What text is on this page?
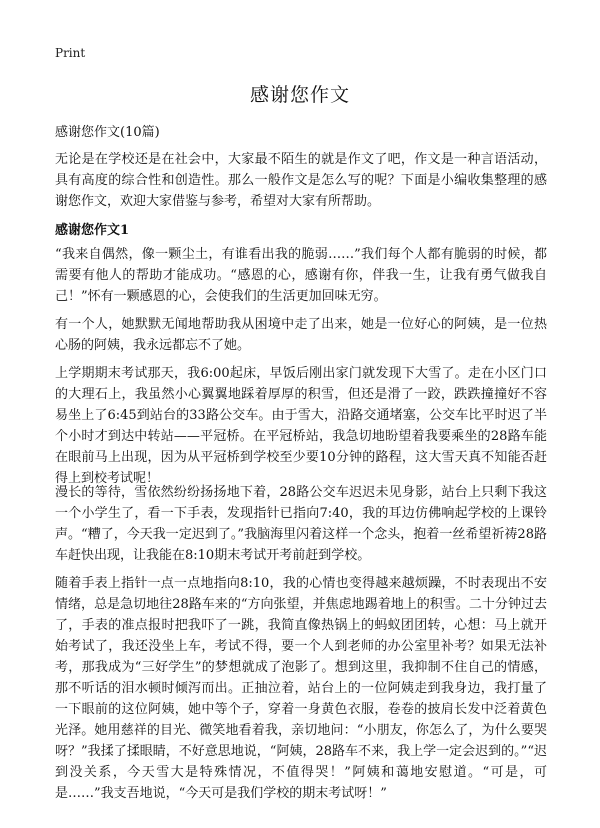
Print
感谢您作文

感谢您作文(10篇)

无论是在学校还是在社会中，大家最不陌生的就是作文了吧，作文是一种言语活动，具有高度的综合性和创造性。那么一般作文是怎么写的呢？下面是小编收集整理的感谢您作文，欢迎大家借鉴与参考，希望对大家有所帮助。

感谢您作文1

“我来自偶然，像一颗尘土，有谁看出我的脆弱……”我们每个人都有脆弱的时候，都需要有他人的帮助才能成功。“感恩的心，感谢有你，伴我一生，让我有勇气做我自己！”怀有一颗感恩的心，会使我们的生活更加回味无穷。

有一个人，她默默无闻地帮助我从困境中走了出来，她是一位好心的阿姨，是一位热心肠的阿姨，我永远都忘不了她。

上学期期末考试那天，我6:00起床，早饭后刚出家门就发现下大雪了。走在小区门口的大理石上，我虽然小心翼翼地踩着厚厚的积雪，但还是滑了一跤，跌跌撞撞好不容易坐上了6:45到站台的33路公交车。由于雪大，沿路交通堵塞，公交车比平时迟了半个小时才到达中转站——平冠桥。在平冠桥站，我急切地盼望着我要乘坐的28路车能在眼前马上出现，因为从平冠桥到学校至少要10分钟的路程，这大雪天真不知能否赶得上到校考试呢！

漫长的等待，雪依然纷纷扬扬地下着，28路公交车迟迟未见身影，站台上只剩下我这一个小学生了，看一下手表，发现指针已指向7:40，我的耳边仿佛响起学校的上课铃声。“糟了，今天我一定迟到了。”我脑海里闪着这样一个念头，抱着一丝希望祈祷28路车赶快出现，让我能在8:10期末考试开考前赶到学校。

随着手表上指针一点一点地指向8:10，我的心情也变得越来越烦躁，不时表现出不安情绪，总是急切地往28路车来的“方向张望，并焦虑地踢着地上的积雪。二十分钟过去了，手表的准点报时把我吓了一跳，我简直像热锅上的蚂蚁团团转，心想：马上就开始考试了，我还没坐上车，考试不得，要一个人到老师的办公室里补考？如果无法补考，那我成为“三好学生”的梦想就成了泡影了。想到这里，我抑制不住自己的情感，那不听话的泪水顿时倾泻而出。正抽泣着，站台上的一位阿姨走到我身边，我打量了一下眼前的这位阿姨，她中等个子，穿着一身黄色衣服，卷卷的披肩长发中泛着黄色光泽。她用慈祥的目光、微笑地看着我，亲切地问：“小朋友，你怎么了，为什么要哭呀？”我揉了揉眼睛，不好意思地说，“阿姨，28路车不来，我上学一定会迟到的。”“迟到没关系，今天雪大是特殊情况，不值得哭！”阿姨和蔼地安慰道。“可是，可是……”我支吾地说，“今天可是我们学校的期末考试呀！”
